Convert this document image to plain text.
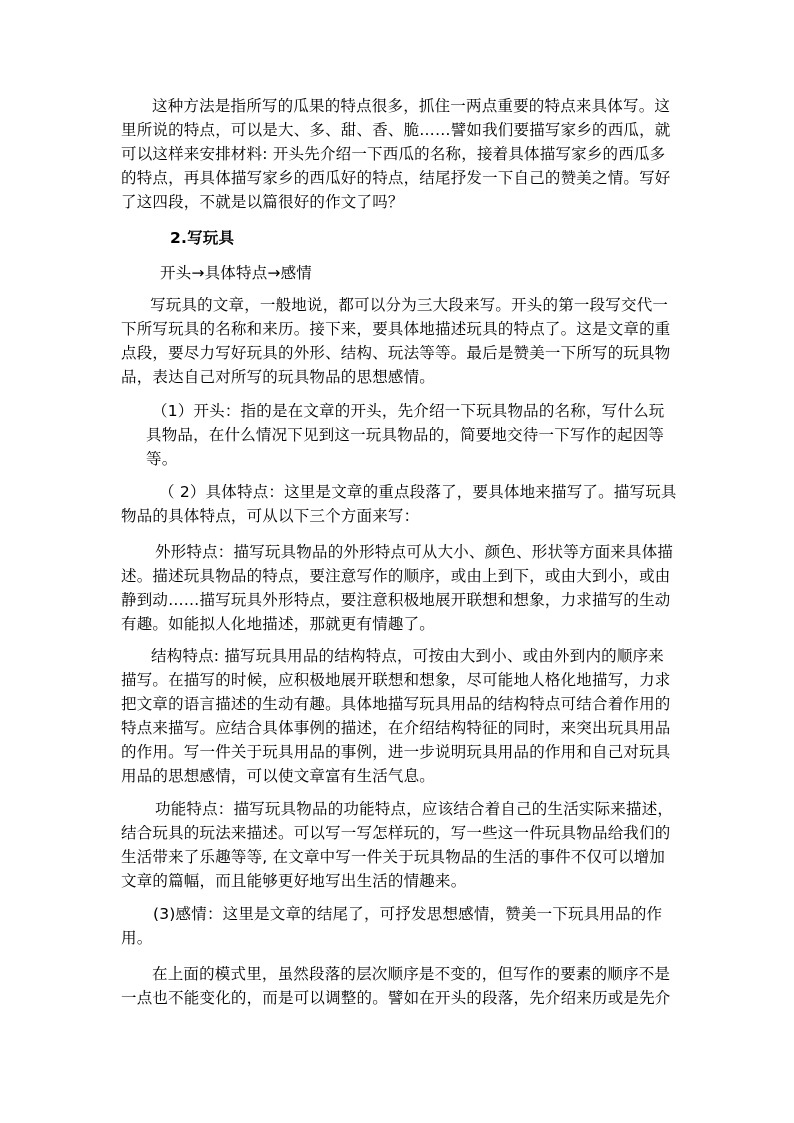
这种方法是指所写的瓜果的特点很多，抓住一两点重要的特点来具体写。这里所说的特点，可以是大、多、甜、香、脆……譬如我们要描写家乡的西瓜，就可以这样来安排材料: 开头先介绍一下西瓜的名称，接着具体描写家乡的西瓜多的特点，再具体描写家乡的西瓜好的特点，结尾抒发一下自己的赞美之情。写好了这四段，不就是以篇很好的作文了吗？

2.写玩具

开头→具体特点→感情

写玩具的文章，一般地说，都可以分为三大段来写。开头的第一段写交代一下所写玩具的名称和来历。接下来，要具体地描述玩具的特点了。这是文章的重点段，要尽力写好玩具的外形、结构、玩法等等。最后是赞美一下所写的玩具物品，表达自己对所写的玩具物品的思想感情。

（1）开头：指的是在文章的开头，先介绍一下玩具物品的名称，写什么玩具物品，在什么情况下见到这一玩具物品的，简要地交待一下写作的起因等等。

（ 2）具体特点：这里是文章的重点段落了，要具体地来描写了。描写玩具物品的具体特点，可从以下三个方面来写：

外形特点：描写玩具物品的外形特点可从大小、颜色、形状等方面来具体描述。描述玩具物品的特点，要注意写作的顺序，或由上到下，或由大到小，或由静到动……描写玩具外形特点，要注意积极地展开联想和想象，力求描写的生动有趣。如能拟人化地描述，那就更有情趣了。

结构特点: 描写玩具用品的结构特点，可按由大到小、或由外到内的顺序来描写。在描写的时候，应积极地展开联想和想象，尽可能地人格化地描写，力求把文章的语言描述的生动有趣。具体地描写玩具用品的结构特点可结合着作用的特点来描写。应结合具体事例的描述，在介绍结构特征的同时，来突出玩具用品的作用。写一件关于玩具用品的事例，进一步说明玩具用品的作用和自己对玩具用品的思想感情，可以使文章富有生活气息。

功能特点：描写玩具物品的功能特点，应该结合着自己的生活实际来描述，结合玩具的玩法来描述。可以写一写怎样玩的，写一些这一件玩具物品给我们的生活带来了乐趣等等, 在文章中写一件关于玩具物品的生活的事件不仅可以增加文章的篇幅，而且能够更好地写出生活的情趣来。

(3)感情：这里是文章的结尾了，可抒发思想感情，赞美一下玩具用品的作用。

在上面的模式里，虽然段落的层次顺序是不变的，但写作的要素的顺序不是一点也不能变化的，而是可以调整的。譬如在开头的段落，先介绍来历或是先介
